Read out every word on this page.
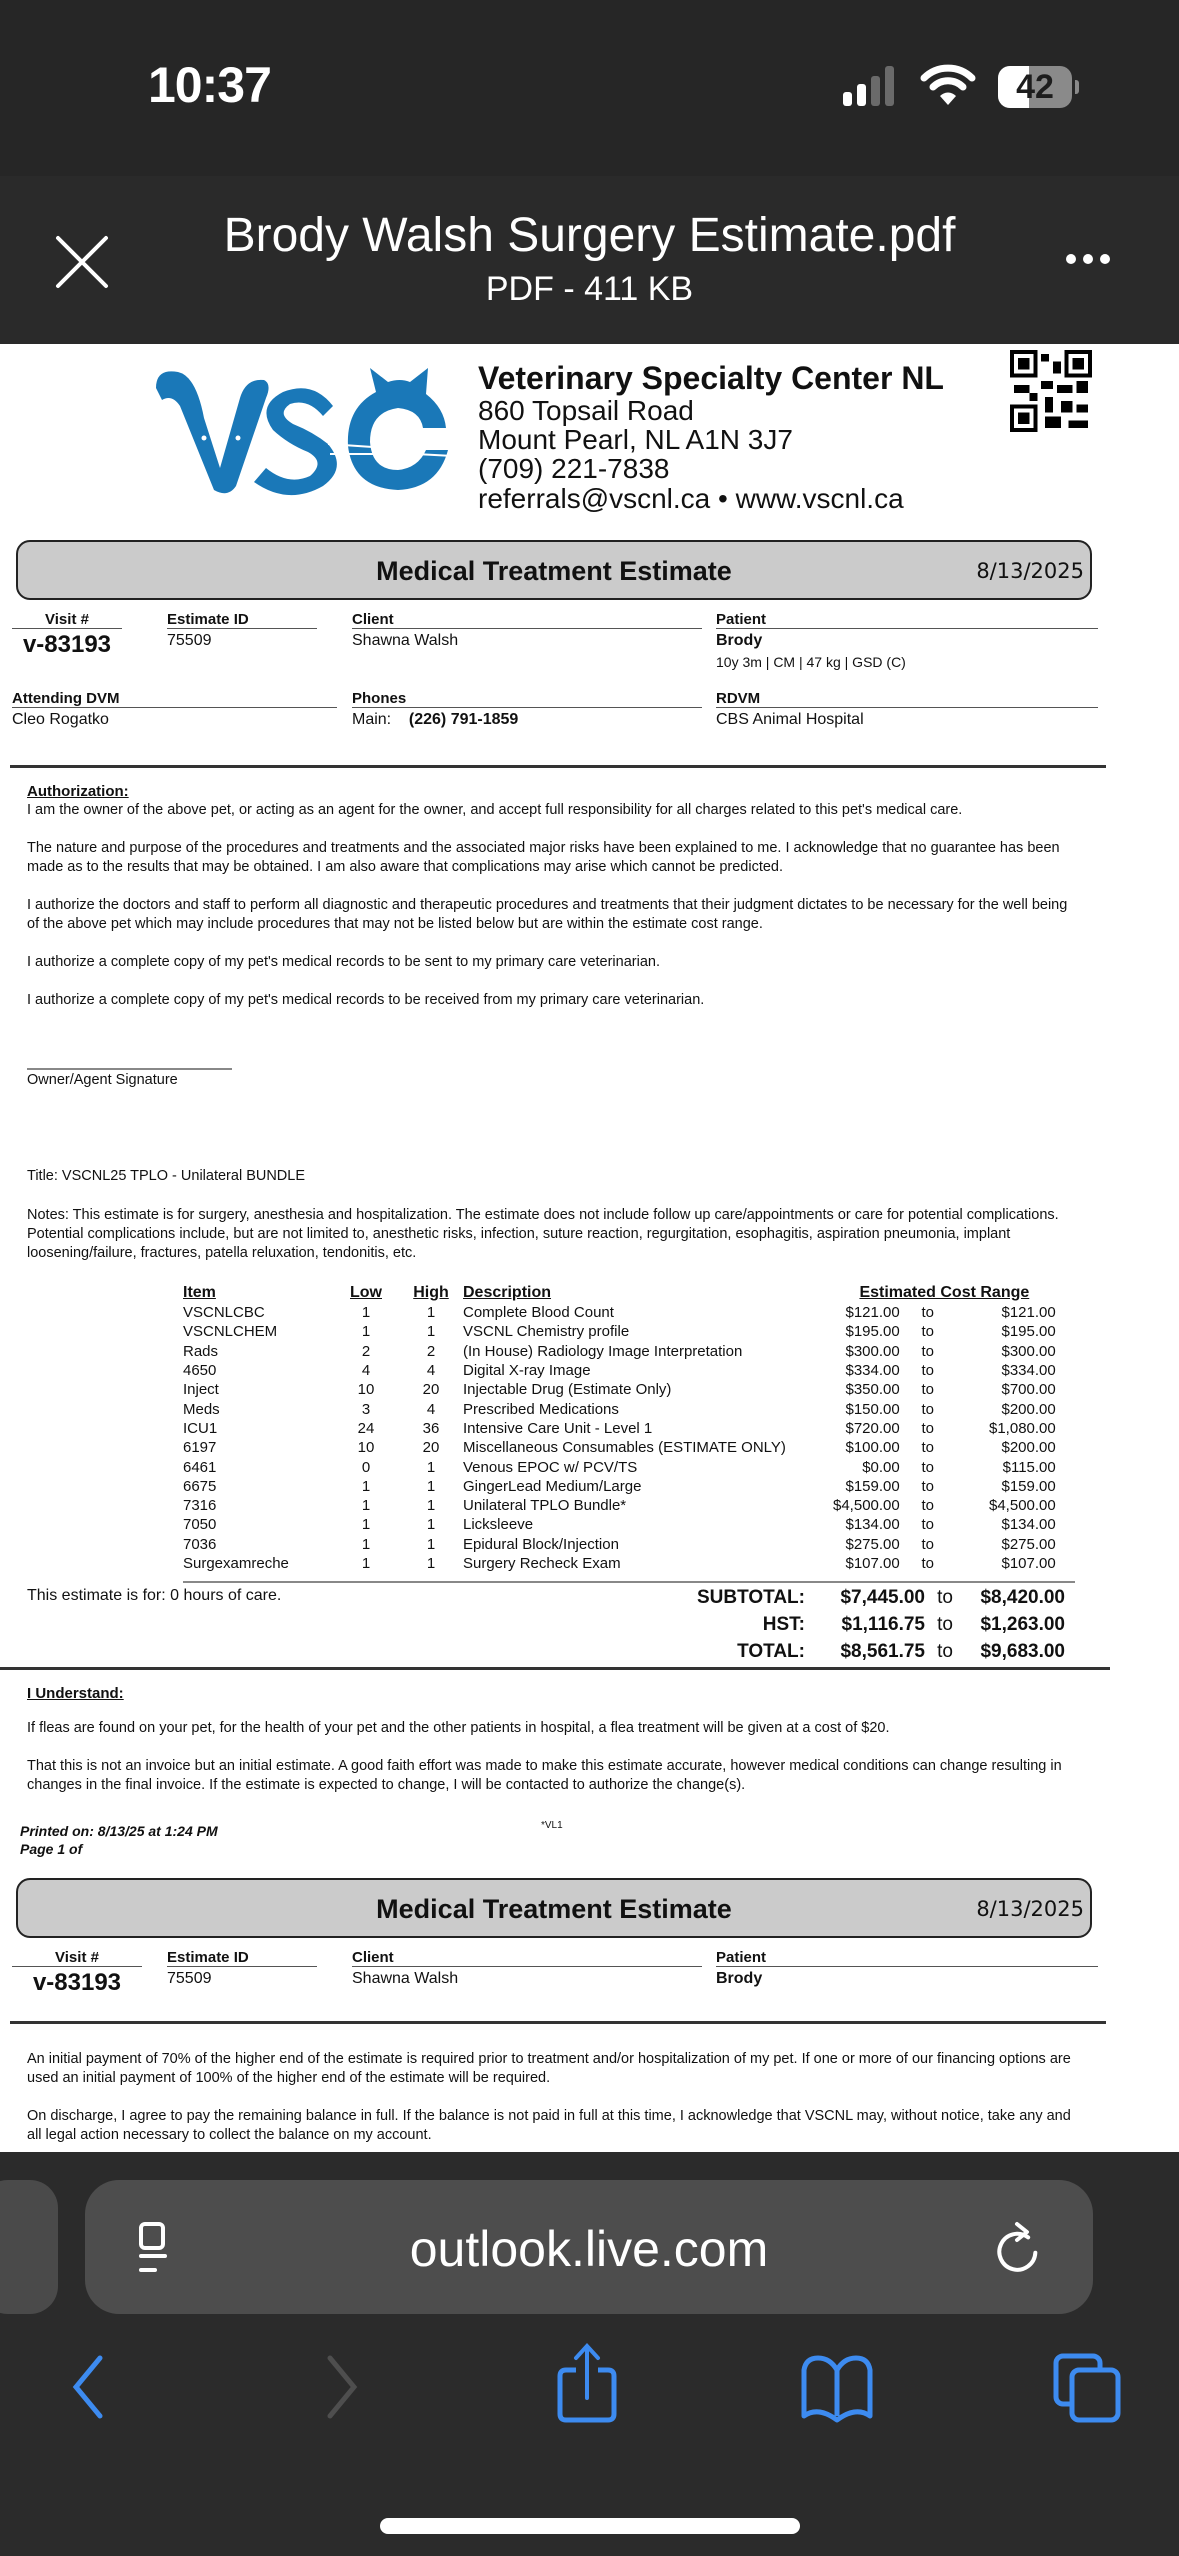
10:37	42
Brody Walsh Surgery Estimate.pdf
PDF - 411 KB
Veterinary Specialty Center NL
860 Topsail Road
Mount Pearl, NL A1N 3J7
(709) 221-7838
referrals@vscnl.ca • www.vscnl.ca
Medical Treatment Estimate	8/13/2025
Visit #
v-83193
Estimate ID
75509
Client
Shawna Walsh
Patient
Brody
10y 3m | CM | 47 kg | GSD (C)
Attending DVM
Cleo Rogatko
Phones
Main: (226) 791-1859
RDVM
CBS Animal Hospital
Authorization:
I am the owner of the above pet, or acting as an agent for the owner, and accept full responsibility for all charges related to this pet's medical care.
The nature and purpose of the procedures and treatments and the associated major risks have been explained to me. I acknowledge that no guarantee has been made as to the results that may be obtained. I am also aware that complications may arise which cannot be predicted.
I authorize the doctors and staff to perform all diagnostic and therapeutic procedures and treatments that their judgment dictates to be necessary for the well being of the above pet which may include procedures that may not be listed below but are within the estimate cost range.
I authorize a complete copy of my pet's medical records to be sent to my primary care veterinarian.
I authorize a complete copy of my pet's medical records to be received from my primary care veterinarian.
Owner/Agent Signature
Title: VSCNL25 TPLO - Unilateral BUNDLE
Notes: This estimate is for surgery, anesthesia and hospitalization. The estimate does not include follow up care/appointments or care for potential complications. Potential complications include, but are not limited to, anesthetic risks, infection, suture reaction, regurgitation, esophagitis, aspiration pneumonia, implant loosening/failure, fractures, patella reluxation, tendonitis, etc.
Item	Low	High	Description	Estimated Cost Range		
VSCNLCBC	1	1	Complete Blood Count	$121.00	to	$121.00
VSCNLCHEM	1	1	VSCNL Chemistry profile	$195.00	to	$195.00
Rads	2	2	(In House) Radiology Image Interpretation	$300.00	to	$300.00
4650	4	4	Digital X-ray Image	$334.00	to	$334.00
Inject	10	20	Injectable Drug (Estimate Only)	$350.00	to	$700.00
Meds	3	4	Prescribed Medications	$150.00	to	$200.00
ICU1	24	36	Intensive Care Unit - Level 1	$720.00	to	$1,080.00
6197	10	20	Miscellaneous Consumables (ESTIMATE ONLY)	$100.00	to	$200.00
6461	0	1	Venous EPOC w/ PCV/TS	$0.00	to	$115.00
6675	1	1	GingerLead Medium/Large	$159.00	to	$159.00
7316	1	1	Unilateral TPLO Bundle*	$4,500.00	to	$4,500.00
7050	1	1	Licksleeve	$134.00	to	$134.00
7036	1	1	Epidural Block/Injection	$275.00	to	$275.00
Surgexamreche	1	1	Surgery Recheck Exam	$107.00	to	$107.00
This estimate is for: 0 hours of care.	SUBTOTAL:	$7,445.00 to	$8,420.00
HST:	$1,116.75 to	$1,263.00
TOTAL:	$8,561.75 to	$9,683.00
I Understand:
If fleas are found on your pet, for the health of your pet and the other patients in hospital, a flea treatment will be given at a cost of $20.
That this is not an invoice but an initial estimate. A good faith effort was made to make this estimate accurate, however medical conditions can change resulting in changes in the final invoice. If the estimate is expected to change, I will be contacted to authorize the change(s).
Printed on: 8/13/25 at 1:24 PM
Page 1 of
*VL1
Medical Treatment Estimate	8/13/2025
Visit #
v-83193
Estimate ID
75509
Client
Shawna Walsh
Patient
Brody
An initial payment of 70% of the higher end of the estimate is required prior to treatment and/or hospitalization of my pet. If one or more of our financing options are used an initial payment of 100% of the higher end of the estimate will be required.
On discharge, I agree to pay the remaining balance in full. If the balance is not paid in full at this time, I acknowledge that VSCNL may, without notice, take any and all legal action necessary to collect the balance on my account.
outlook.live.com
